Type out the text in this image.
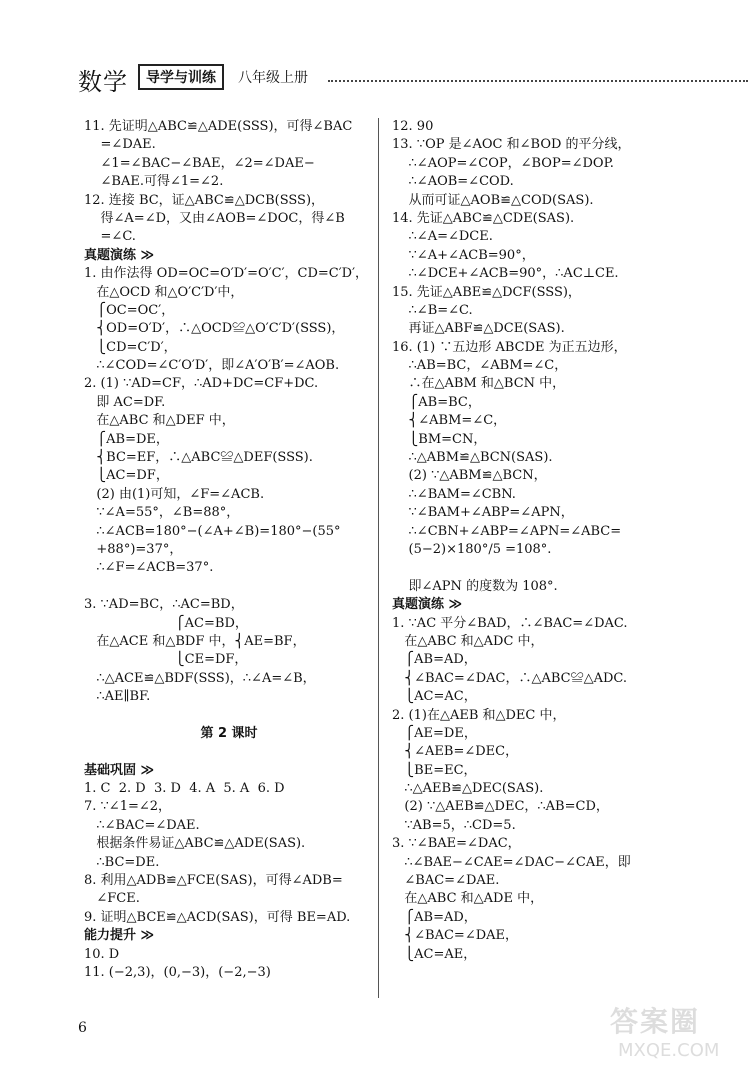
数学	导学与训练	八年级上册
11. 先证明△ABC≌△ADE(SSS)，可得∠BAC
=∠DAE.
∠1=∠BAC−∠BAE，∠2=∠DAE−
∠BAE.可得∠1=∠2.
12. 连接 BC，证△ABC≌△DCB(SSS)，
得∠A=∠D，又由∠AOB=∠DOC，得∠B
=∠C.
真题演练 ≫
1. 由作法得 OD=OC=O′D′=O′C′，CD=C′D′，
在△OCD 和△O′C′D′中，
⎧OC=OC′，
⎨OD=O′D′，∴△OCD≌△O′C′D′(SSS)，
⎩CD=C′D′，
∴∠COD=∠C′O′D′，即∠A′O′B′=∠AOB.
2. (1) ∵AD=CF，∴AD+DC=CF+DC.
即 AC=DF.
在△ABC 和△DEF 中，
⎧AB=DE，
⎨BC=EF，∴△ABC≌△DEF(SSS).
⎩AC=DF，
(2) 由(1)可知，∠F=∠ACB.
∵∠A=55°，∠B=88°，
∴∠ACB=180°−(∠A+∠B)=180°−(55°
+88°)=37°，
∴∠F=∠ACB=37°.
3. ∵AD=BC，∴AC=BD，
⎧AC=BD，
在△ACE 和△BDF 中，⎨AE=BF，
⎩CE=DF，
∴△ACE≌△BDF(SSS)，∴∠A=∠B，
∴AE∥BF.
第 2 课时
基础巩固 ≫
1. C  2. D  3. D  4. A  5. A  6. D
7. ∵∠1=∠2，
∴∠BAC=∠DAE.
根据条件易证△ABC≌△ADE(SAS).
∴BC=DE.
8. 利用△ADB≌△FCE(SAS)，可得∠ADB=
∠FCE.
9. 证明△BCE≌△ACD(SAS)，可得 BE=AD.
能力提升 ≫
10. D
11. (−2,3)，(0,−3)，(−2,−3)
12. 90
13. ∵OP 是∠AOC 和∠BOD 的平分线，
∴∠AOP=∠COP，∠BOP=∠DOP.
∴∠AOB=∠COD.
从而可证△AOB≌△COD(SAS).
14. 先证△ABC≌△CDE(SAS).
∴∠A=∠DCE.
∵∠A+∠ACB=90°，
∴∠DCE+∠ACB=90°，∴AC⊥CE.
15. 先证△ABE≌△DCF(SSS)，
∴∠B=∠C.
再证△ABF≌△DCE(SAS).
16. (1) ∵五边形 ABCDE 为正五边形，
∴AB=BC，∠ABM=∠C，
∴在△ABM 和△BCN 中，
⎧AB=BC，
⎨∠ABM=∠C，
⎩BM=CN，
∴△ABM≌△BCN(SAS).
(2) ∵△ABM≌△BCN，
∴∠BAM=∠CBN.
∵∠BAM+∠ABP=∠APN，
∴∠CBN+∠ABP=∠APN=∠ABC=
(5−2)×180°/5 =108°.
即∠APN 的度数为 108°.
真题演练 ≫
1. ∵AC 平分∠BAD，∴∠BAC=∠DAC.
在△ABC 和△ADC 中，
⎧AB=AD，
⎨∠BAC=∠DAC，∴△ABC≌△ADC.
⎩AC=AC，
2. (1)在△AEB 和△DEC 中，
⎧AE=DE，
⎨∠AEB=∠DEC，
⎩BE=EC，
∴△AEB≌△DEC(SAS).
(2) ∵△AEB≌△DEC，∴AB=CD，
∵AB=5，∴CD=5.
3. ∵∠BAE=∠DAC，
∴∠BAE−∠CAE=∠DAC−∠CAE，即
∠BAC=∠DAE.
在△ABC 和△ADE 中，
⎧AB=AD，
⎨∠BAC=∠DAE，
⎩AC=AE，
6	答案圈
MXQE.COM
